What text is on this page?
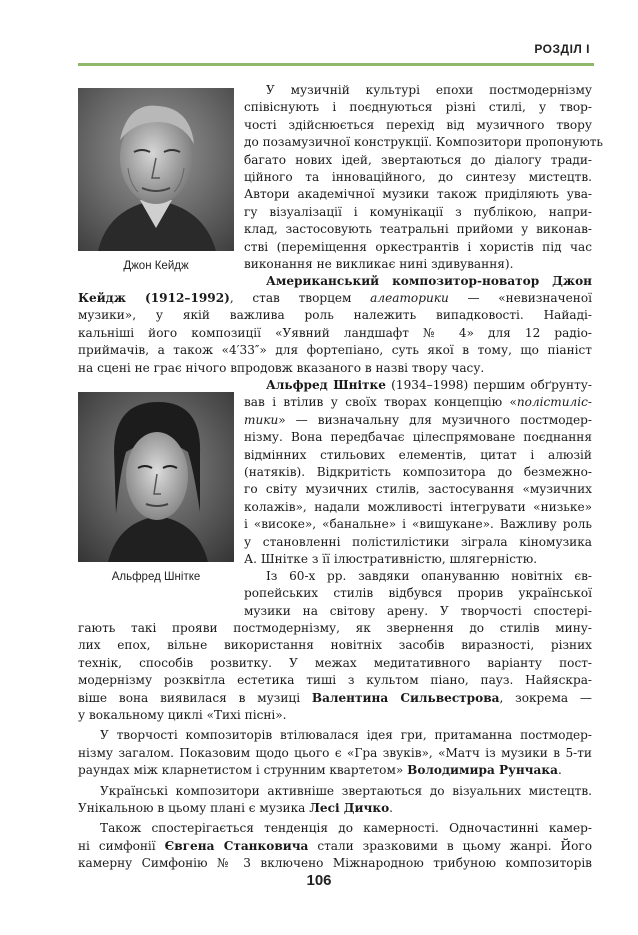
РОЗДІЛ І
Джон Кейдж
Альфред Шнітке
У музичній культурі епохи постмодернізму
співіснують і поєднуються різні стилі, у твор-
чості здійснюється перехід від музичного твору
до позамузичної конструкції. Композитори пропонують
багато нових ідей, звертаються до діалогу тради-
ційного та інноваційного, до синтезу мистецтв.
Автори академічної музики також приділяють ува-
гу візуалізації і комунікації з публікою, напри-
клад, застосовують театральні прийоми у виконав-
стві (переміщення оркестрантів і хористів під час
виконання не викликає нині здивування).
Американський композитор-новатор Джон
Кейдж (1912–1992), став творцем алеаторики — «невизначеної
музики», у якій важлива роль належить випадковості. Найаді-
кальніші його композиції «Уявний ландшафт № 4» для 12 радіо-
приймачів, а також «4′33″» для фортепіано, суть якої в тому, що піаніст
на сцені не грає нічого впродовж вказаного в назві твору часу.
Альфред Шнітке (1934–1998) першим обґрунту-
вав і втілив у своїх творах концепцію «полістиліс-
тики» — визначальну для музичного постмодер-
нізму. Вона передбачає цілеспрямоване поєднання
відмінних стильових елементів, цитат і алюзій
(натяків). Відкритість композитора до безмежно-
го світу музичних стилів, застосування «музичних
колажів», надали можливості інтегрувати «низьке»
і «високе», «банальне» і «вишукане». Важливу роль
у становленні полістилістики зіграла кіномузика
А. Шнітке з її ілюстративністю, шлягерністю.
Із 60-х рр. завдяки опануванню новітніх єв-
ропейських стилів відбувся прорив української
музики на світову арену. У творчості спостері-
гають такі прояви постмодернізму, як звернення до стилів мину-
лих епох, вільне використання новітніх засобів виразності, різних
технік, способів розвитку. У межах медитативного варіанту пост-
модернізму розквітла естетика тиші з культом піано, пауз. Найяскра-
віше вона виявилася в музиці Валентина Сильвестрова, зокрема —
у вокальному циклі «Тихі пісні».
У творчості композиторів втілювалася ідея гри, притаманна постмодер-
нізму загалом. Показовим щодо цього є «Гра звуків», «Матч із музики в 5-ти
раундах між кларнетистом і струнним квартетом» Володимира Рунчака.
Українські композитори активніше звертаються до візуальних мистецтв.
Унікальною в цьому плані є музика Лесі Дичко.
Також спостерігається тенденція до камерності. Одночастинні камер-
ні симфонії Євгена Станковича стали зразковими в цьому жанрі. Його
камерну Симфонію № 3 включено Міжнародною трибуною композиторів
106
